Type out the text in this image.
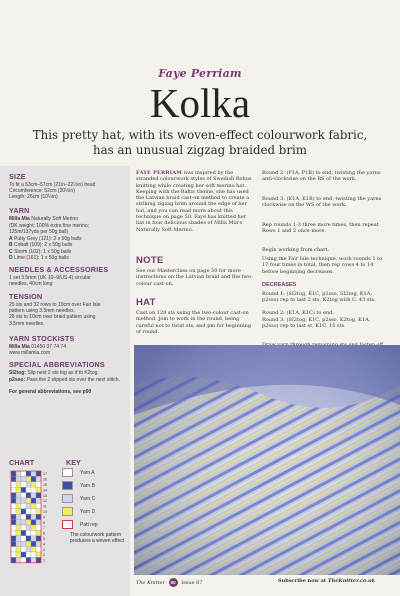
Faye Perriam
Kolka
This pretty hat, with its woven-effect colourwork fabric, has an unusual zigzag braided brim
SIZE
To fit a 53cm–57cm (21in–22½in) head
Circumference: 52cm (20½in)
Length: 26cm (10¼in)
YARN
Milla Mia Naturally Soft Merino
(DK weight; 100% extra fine merino;
125m/137yds per 50g ball)
A Putty Grey (121): 2 x 50g balls
B Cobalt (109): 2 x 50g balls
C Storm (102): 1 x 50g balls
D Lime (161): 1 x 50g balls
NEEDLES & ACCESSORIES
1 set 3.5mm (UK 10–9/US 4) circular
needles, 40cm long
TENSION
25 sts and 32 rows to 10cm over Fair Isle
pattern using 3.5mm needles.
26 sts to 10cm over braid pattern using
3.5mm needles.
YARN STOCKISTS
Milla Mia 01450 37 74 74
www.millamia.com
SPECIAL ABBREVIATIONS
SI2tog: Slip next 2 sts tog as if to K2tog.
p2sso: Pass the 2 slipped sts over the next stitch.
For general abbreviations, see p90
CHART	KEY
17
16
15
14
13
12
11
10
9
8
7
6
5
4
3
2
1
Yarn A
Yarn B
Yarn C
Yarn D
Patt rep
The colourwork pattern produces a woven effect
FAYE PERRIAM was inspired by the stranded colourwork styles of Swedish Bohus knitting while creating her soft merino hat. Keeping with the Baltic theme, she has used the Latvian braid cast-on method to create a striking zigzag brim around the edge of her hat, and you can read more about this technique on page 50. Faye has knitted her hat in four delicious shades of Milla Mia's Naturally Soft Merino.
NOTE
See our Masterclass on page 50 for more instructions on the Latvian braid and the two-colour cast-on.
HAT
Cast on 128 sts using the two-colour cast-on method. Join to work in the round, being careful not to twist sts, and pm for beginning of round.
Round 2: (P1A, P1B) to end, twisting the yarns anti-clockwise on the RS of the work.
Round 3: (K1A, K1B) to end, twisting the yarns clockwise on the WS of the work.
Rep rounds 1-3 three more times, then repeat Rows 1 and 2 once more.
Begin working from chart.
Using the Fair Isle technique, work rounds 1 to 17 four times in total, then rep rows 4 to 14 before beginning decreases.
DECREASES
Round 1: (SI2tog, K1C, p2sso, SI2tog, K1A, p2sso) rep to last 2 sts, K2tog with C. 43 sts.
Round 2: (K1A, K1C) to end.
Round 3: (SI2tog, K1C, p2sso, K2tog, K1A, p2sso) rep to last st, K1C. 15 sts.
The Knitter 00 Issue 67	Subscribe now at TheKnitter.co.uk
